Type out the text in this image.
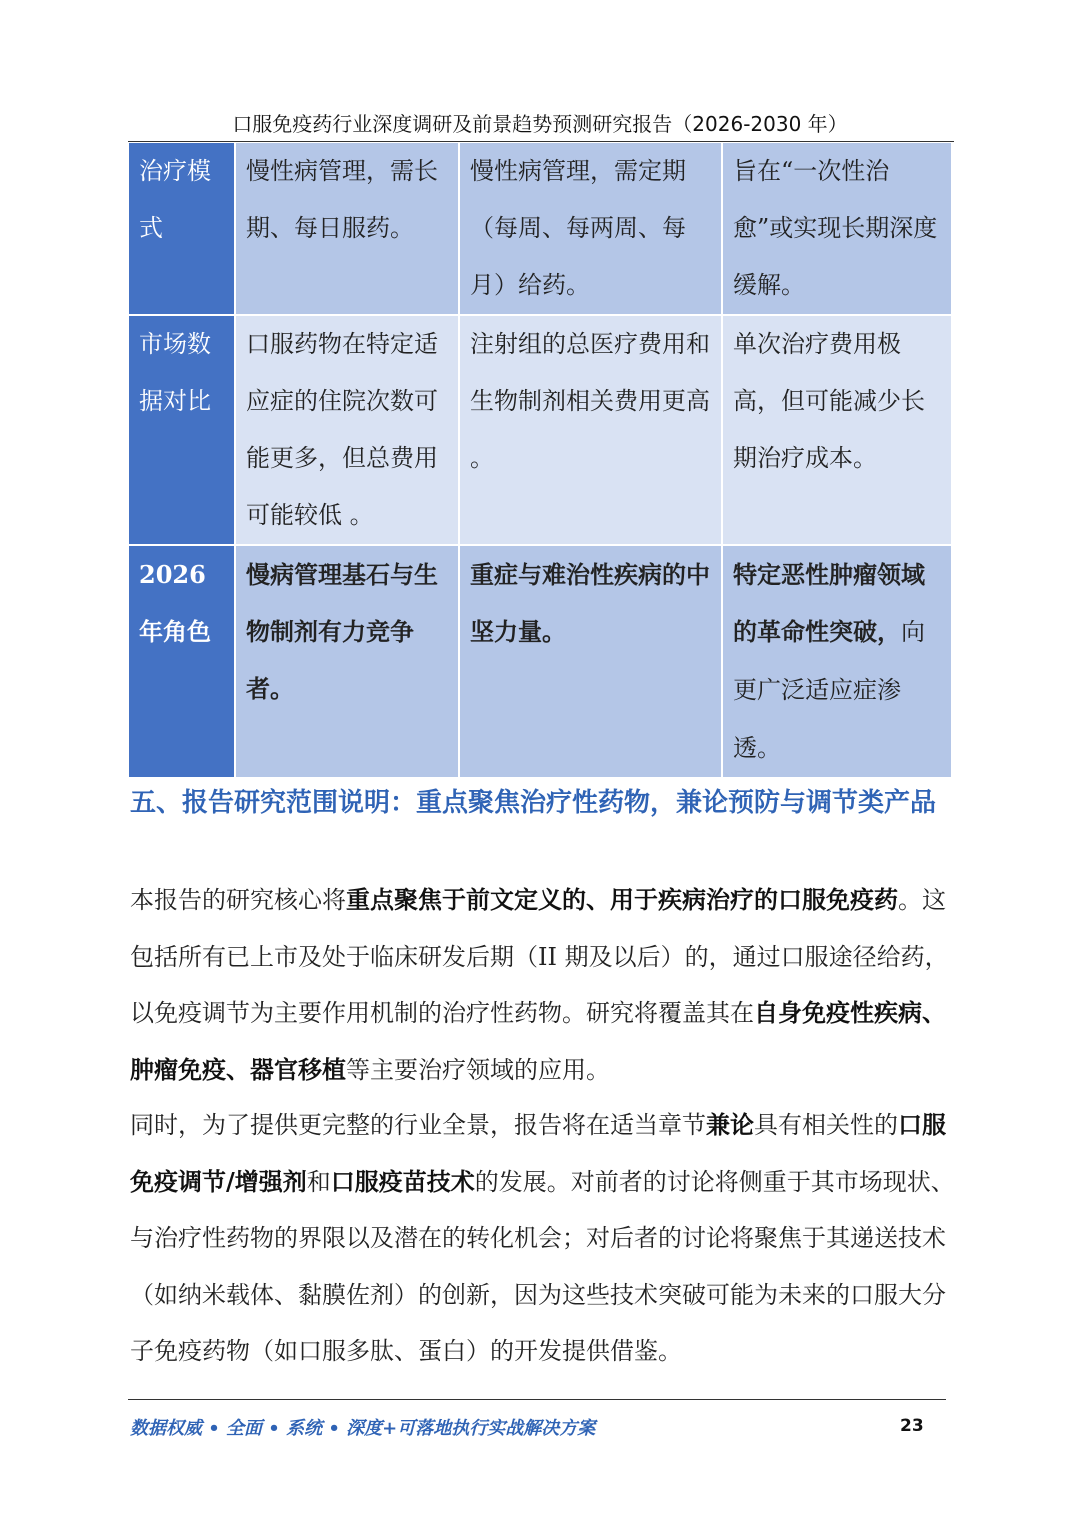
口服免疫药行业深度调研及前景趋势预测研究报告（2026-2030 年）
治疗模式	慢性病管理，需长期、每日服药。	慢性病管理，需定期（每周、每两周、每月）给药。	旨在“一次性治愈”或实现长期深度缓解。
市场数据对比	口服药物在特定适应症的住院次数可能更多，但总费用可能较低 。	注射组的总医疗费用和生物制剂相关费用更高 。	单次治疗费用极高，但可能减少长期治疗成本。
2026 年角色	慢病管理基石与生物制剂有力竞争者。	重症与难治性疾病的中坚力量。	特定恶性肿瘤领域的革命性突破，向更广泛适应症渗透。
五、报告研究范围说明：重点聚焦治疗性药物，兼论预防与调节类产品

本报告的研究核心将重点聚焦于前文定义的、用于疾病治疗的口服免疫药。这包括所有已上市及处于临床研发后期（II 期及以后）的，通过口服途径给药，以免疫调节为主要作用机制的治疗性药物。研究将覆盖其在自身免疫性疾病、肿瘤免疫、器官移植等主要治疗领域的应用。

同时，为了提供更完整的行业全景，报告将在适当章节兼论具有相关性的口服免疫调节/增强剂和口服疫苗技术的发展。对前者的讨论将侧重于其市场现状、与治疗性药物的界限以及潜在的转化机会；对后者的讨论将聚焦于其递送技术（如纳米载体、黏膜佐剂）的创新，因为这些技术突破可能为未来的口服大分子免疫药物（如口服多肽、蛋白）的开发提供借鉴。

数据权威 • 全面 • 系统 • 深度+可落地执行实战解决方案	23
